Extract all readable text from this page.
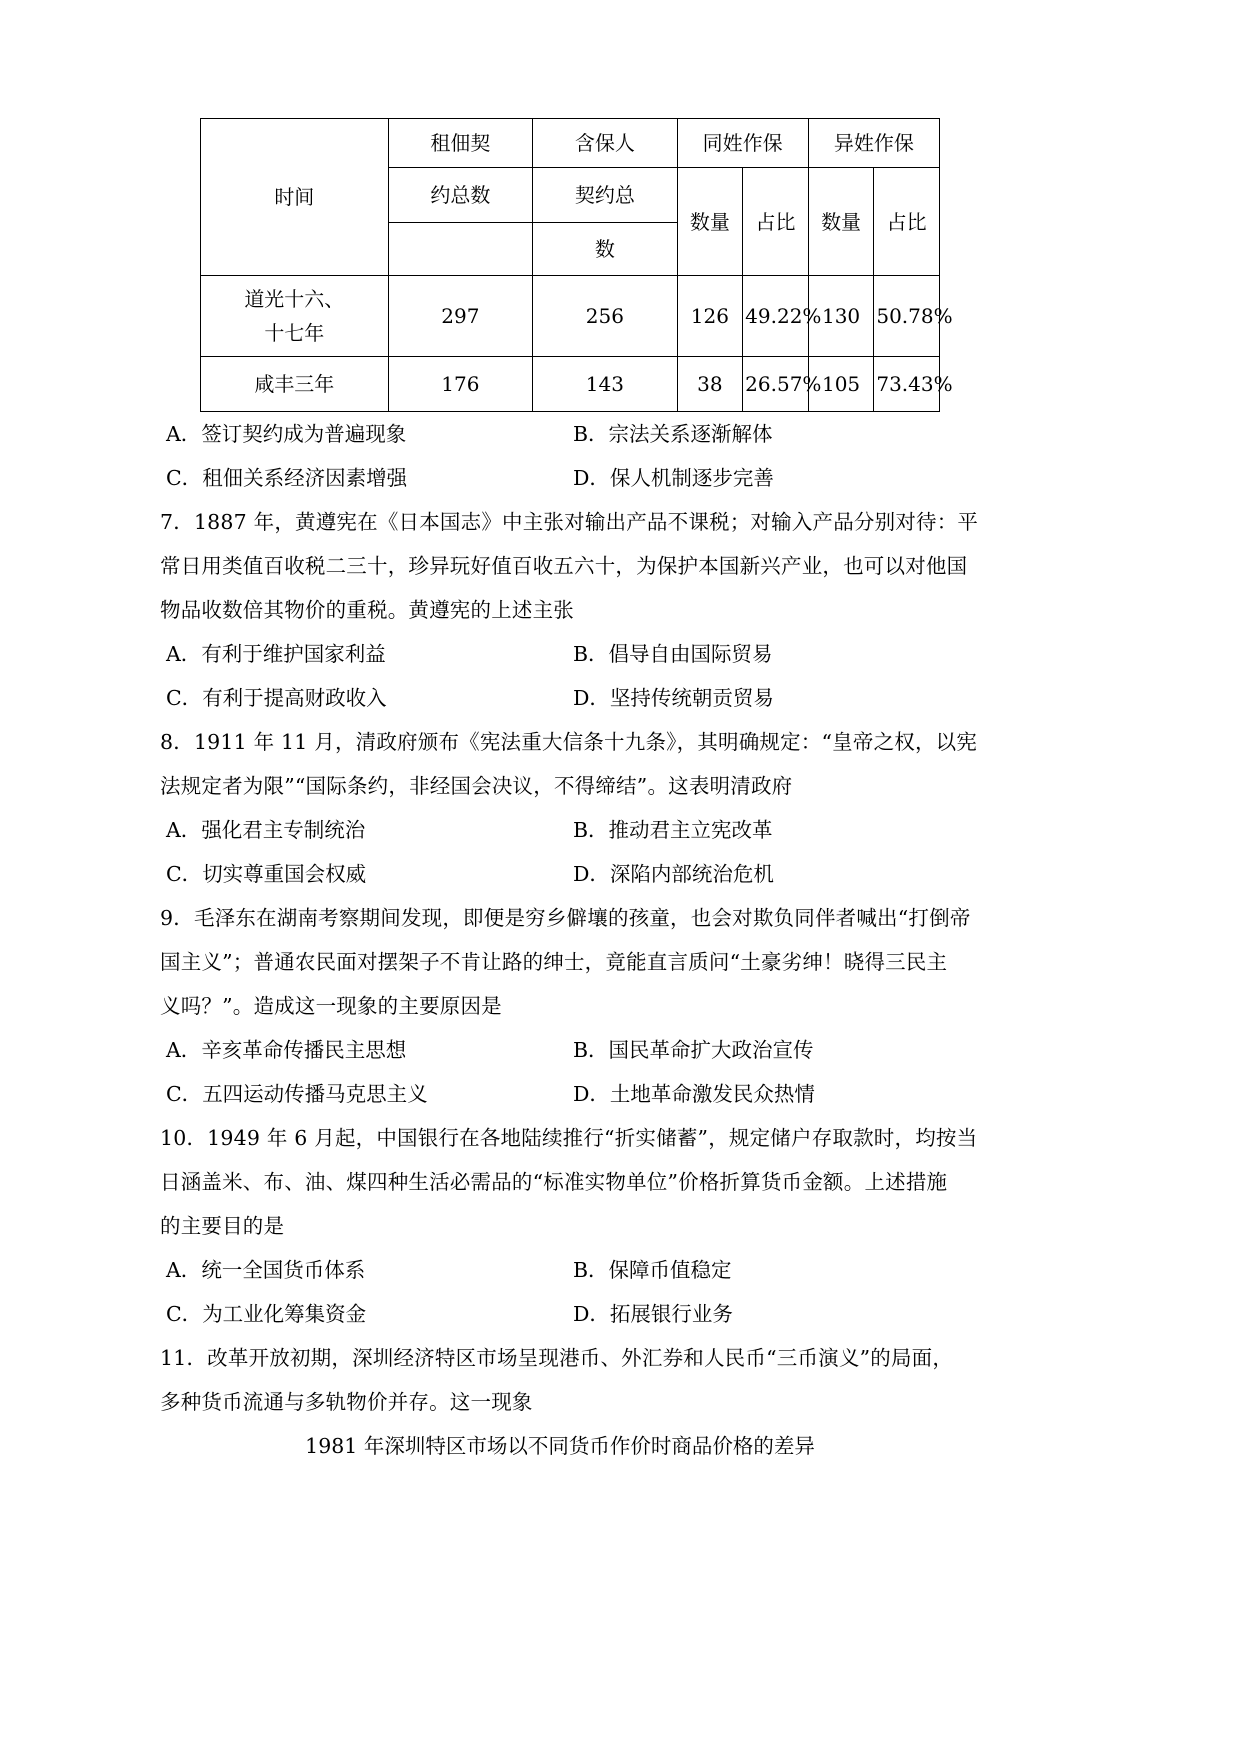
时间	租佃契	含保人	同姓作保		异姓作保	
	约总数	契约总	数量	占比	数量	占比
		数				

道光十六、
十七年	297	256	126	49.22%	130	50.78%
咸丰三年	176	143	38	26.57%	105	73.43%
A．签订契约成为普遍现象	B．宗法关系逐渐解体
C．租佃关系经济因素增强	D．保人机制逐步完善
7．1887 年，黄遵宪在《日本国志》中主张对输出产品不课税；对输入产品分别对待：平
常日用类值百收税二三十，珍异玩好值百收五六十，为保护本国新兴产业，也可以对他国
物品收数倍其物价的重税。黄遵宪的上述主张
A．有利于维护国家利益	B．倡导自由国际贸易
C．有利于提高财政收入	D．坚持传统朝贡贸易
8．1911 年 11 月，清政府颁布《宪法重大信条十九条》，其明确规定：“皇帝之权，以宪
法规定者为限”“国际条约，非经国会决议，不得缔结”。这表明清政府
A．强化君主专制统治	B．推动君主立宪改革
C．切实尊重国会权威	D．深陷内部统治危机
9．毛泽东在湖南考察期间发现，即便是穷乡僻壤的孩童，也会对欺负同伴者喊出“打倒帝
国主义”；普通农民面对摆架子不肯让路的绅士，竟能直言质问“土豪劣绅！晓得三民主
义吗？”。造成这一现象的主要原因是
A．辛亥革命传播民主思想	B．国民革命扩大政治宣传
C．五四运动传播马克思主义	D．土地革命激发民众热情
10．1949 年 6 月起，中国银行在各地陆续推行“折实储蓄”，规定储户存取款时，均按当
日涵盖米、布、油、煤四种生活必需品的“标准实物单位”价格折算货币金额。上述措施
的主要目的是
A．统一全国货币体系	B．保障币值稳定
C．为工业化筹集资金	D．拓展银行业务
11．改革开放初期，深圳经济特区市场呈现港币、外汇券和人民币“三币演义”的局面，
多种货币流通与多轨物价并存。这一现象
1981 年深圳特区市场以不同货币作价时商品价格的差异
